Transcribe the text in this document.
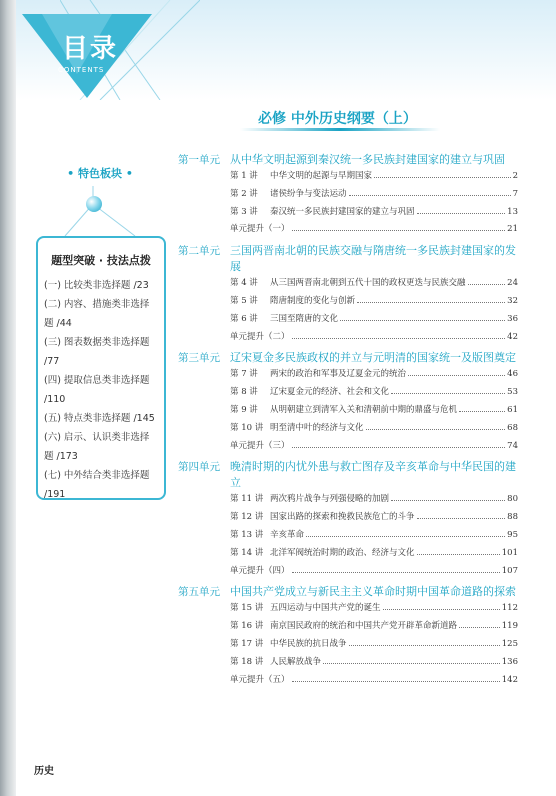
目录
CONTENTS
• 特色板块 •
题型突破 · 技法点拨
(一) 比较类非选择题 /23
(二) 内容、措施类非选择题 /44
(三) 图表数据类非选择题 /77
(四) 提取信息类非选择题 /110
(五) 特点类非选择题 /145
(六) 启示、认识类非选择题 /173
(七) 中外结合类非选择题 /191
必修 中外历史纲要（上）
第一单元 从中华文明起源到秦汉统一多民族封建国家的建立与巩固
第 1 讲	中华文明的起源与早期国家	2
第 2 讲	诸侯纷争与变法运动	7
第 3 讲	秦汉统一多民族封建国家的建立与巩固	13
单元提升（一）	21
第二单元 三国两晋南北朝的民族交融与隋唐统一多民族封建国家的发展
第 4 讲	从三国两晋南北朝到五代十国的政权更迭与民族交融	24
第 5 讲	隋唐制度的变化与创新	32
第 6 讲	三国至隋唐的文化	36
单元提升（二）	42
第三单元 辽宋夏金多民族政权的并立与元明清的国家统一及版图奠定
第 7 讲	两宋的政治和军事及辽夏金元的统治	46
第 8 讲	辽宋夏金元的经济、社会和文化	53
第 9 讲	从明朝建立到清军入关和清朝前中期的鼎盛与危机	61
第 10 讲 明至清中叶的经济与文化	68
单元提升（三）	74
第四单元 晚清时期的内忧外患与救亡图存及辛亥革命与中华民国的建立
第 11 讲 两次鸦片战争与列强侵略的加剧	80
第 12 讲 国家出路的探索和挽救民族危亡的斗争	88
第 13 讲 辛亥革命	95
第 14 讲 北洋军阀统治时期的政治、经济与文化	101
单元提升（四）	107
第五单元 中国共产党成立与新民主主义革命时期中国革命道路的探索
第 15 讲 五四运动与中国共产党的诞生	112
第 16 讲 南京国民政府的统治和中国共产党开辟革命新道路	119
第 17 讲 中华民族的抗日战争	125
第 18 讲 人民解放战争	136
单元提升（五）	142
历史
